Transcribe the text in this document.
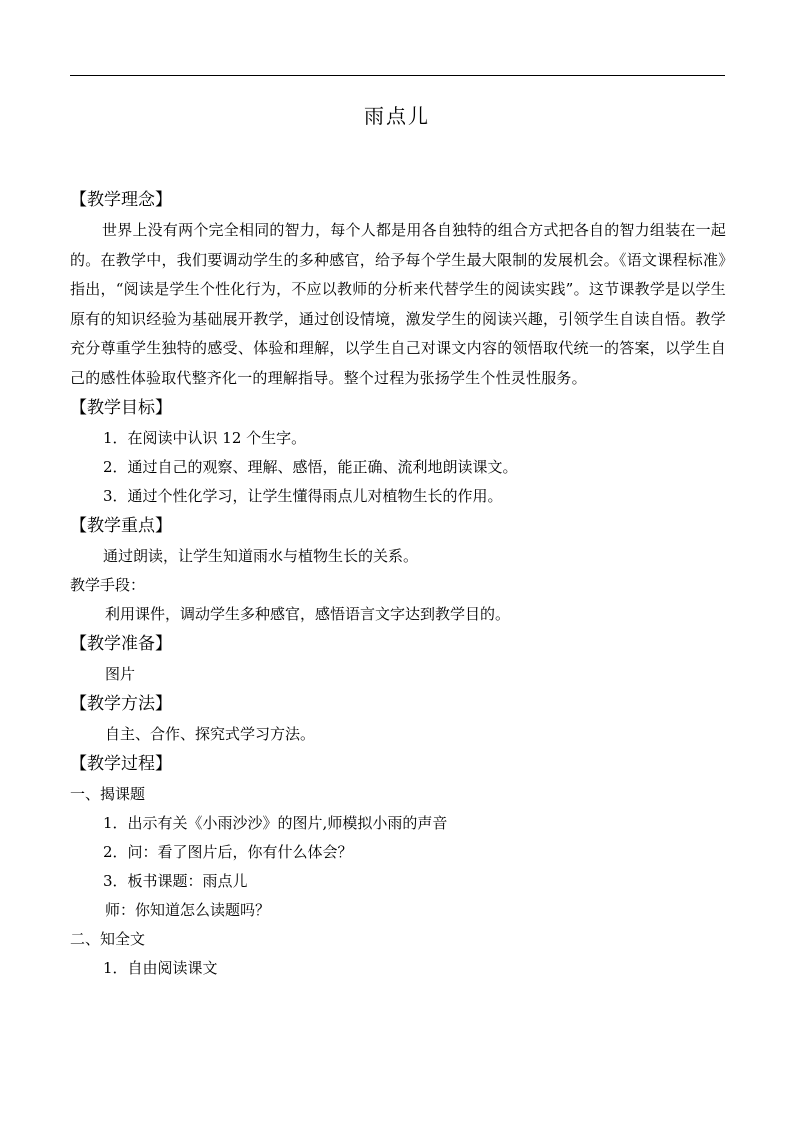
雨点儿
【教学理念】
世界上没有两个完全相同的智力，每个人都是用各自独特的组合方式把各自的智力组装在一起的。在教学中，我们要调动学生的多种感官，给予每个学生最大限制的发展机会。《语文课程标准》指出，“阅读是学生个性化行为，不应以教师的分析来代替学生的阅读实践”。这节课教学是以学生原有的知识经验为基础展开教学，通过创设情境，激发学生的阅读兴趣，引领学生自读自悟。教学充分尊重学生独特的感受、体验和理解，以学生自己对课文内容的领悟取代统一的答案，以学生自己的感性体验取代整齐化一的理解指导。整个过程为张扬学生个性灵性服务。
【教学目标】
1．在阅读中认识 12 个生字。
2．通过自己的观察、理解、感悟，能正确、流利地朗读课文。
3．通过个性化学习，让学生懂得雨点儿对植物生长的作用。
【教学重点】
通过朗读，让学生知道雨水与植物生长的关系。
教学手段：
利用课件，调动学生多种感官，感悟语言文字达到教学目的。
【教学准备】
图片
【教学方法】
自主、合作、探究式学习方法。
【教学过程】
一、揭课题
1．出示有关《小雨沙沙》的图片,师模拟小雨的声音
2．问：看了图片后，你有什么体会？
3．板书课题：雨点儿
师：你知道怎么读题吗？
二、知全文
1．自由阅读课文
